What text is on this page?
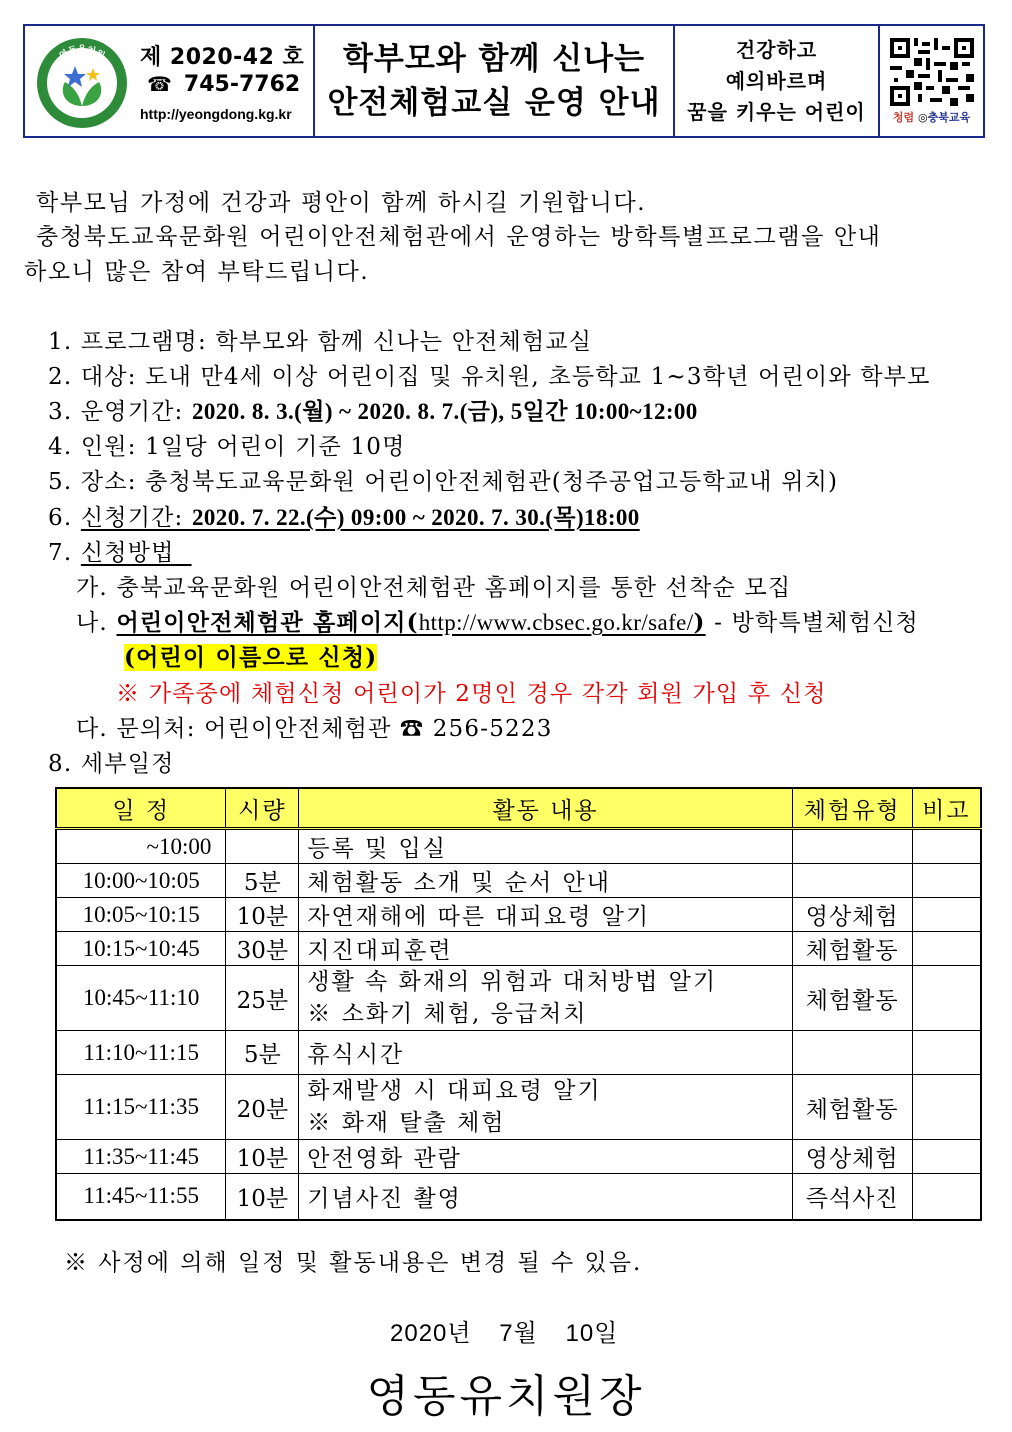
영동유치원 제 2020-42 호
☎ 745-7762
http://yeongdong.kg.kr
학부모와 함께 신나는
안전체험교실 운영 안내
건강하고
예의바르며
꿈을 키우는 어린이 청렴 ◎충북교육
학부모님 가정에 건강과 평안이 함께 하시길 기원합니다.
충청북도교육문화원 어린이안전체험관에서 운영하는 방학특별프로그램을 안내
하오니 많은 참여 부탁드립니다.
1. 프로그램명: 학부모와 함께 신나는 안전체험교실
2. 대상: 도내 만4세 이상 어린이집 및 유치원, 초등학교 1~3학년 어린이와 학부모
3. 운영기간: 2020. 8. 3.(월) ~ 2020. 8. 7.(금), 5일간 10:00~12:00
4. 인원: 1일당 어린이 기준 10명
5. 장소: 충청북도교육문화원 어린이안전체험관(청주공업고등학교내 위치)
6. 신청기간: 2020. 7. 22.(수) 09:00 ~ 2020. 7. 30.(목)18:00
7. 신청방법
가. 충북교육문화원 어린이안전체험관 홈페이지를 통한 선착순 모집
나. 어린이안전체험관 홈페이지(http://www.cbsec.go.kr/safe/) - 방학특별체험신청
(어린이 이름으로 신청)
※ 가족중에 체험신청 어린이가 2명인 경우 각각 회원 가입 후 신청
다. 문의처: 어린이안전체험관 ☎ 256-5223
8. 세부일정
일 정	시량	활동 내용	체험유형	비고
~10:00		등록 및 입실		
10:00~10:05	5분	체험활동 소개 및 순서 안내		
10:05~10:15	10분	자연재해에 따른 대피요령 알기	영상체험	
10:15~10:45	30분	지진대피훈련	체험활동	
10:45~11:10	25분	생활 속 화재의 위험과 대처방법 알기
※ 소화기 체험, 응급처치	체험활동	
11:10~11:15	5분	휴식시간		
11:15~11:35	20분	화재발생 시 대피요령 알기
※ 화재 탈출 체험	체험활동	
11:35~11:45	10분	안전영화 관람	영상체험	
11:45~11:55	10분	기념사진 촬영	즉석사진	
※ 사정에 의해 일정 및 활동내용은 변경 될 수 있음.
2020년 7월 10일
영동유치원장
